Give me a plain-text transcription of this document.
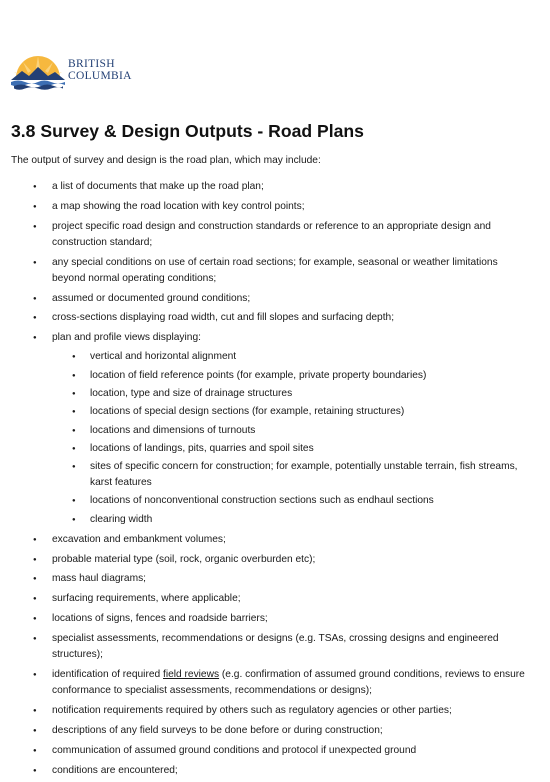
BRITISH
COLUMBIA
3.8 Survey & Design Outputs - Road Plans

The output of survey and design is the road plan, which may include:

● a list of documents that make up the road plan;
● a map showing the road location with key control points;
● project specific road design and construction standards or reference to an appropriate design and construction standard;
● any special conditions on use of certain road sections; for example, seasonal or weather limitations beyond normal operating conditions;
● assumed or documented ground conditions;
● cross-sections displaying road width, cut and fill slopes and surfacing depth;
● plan and profile views displaying:
● vertical and horizontal alignment
● location of field reference points (for example, private property boundaries)
● location, type and size of drainage structures
● locations of special design sections (for example, retaining structures)
● locations and dimensions of turnouts
● locations of landings, pits, quarries and spoil sites
● sites of specific concern for construction; for example, potentially unstable terrain, fish streams, karst features
● locations of nonconventional construction sections such as endhaul sections
● clearing width
● excavation and embankment volumes;
● probable material type (soil, rock, organic overburden etc);
● mass haul diagrams;
● surfacing requirements, where applicable;
● locations of signs, fences and roadside barriers;
● specialist assessments, recommendations or designs (e.g. TSAs, crossing designs and engineered structures);
● identification of required field reviews (e.g. confirmation of assumed ground conditions, reviews to ensure conformance to specialist assessments, recommendations or designs);
● notification requirements required by others such as regulatory agencies or other parties;
● descriptions of any field surveys to be done before or during construction;
● communication of assumed ground conditions and protocol if unexpected ground
● conditions are encountered;
